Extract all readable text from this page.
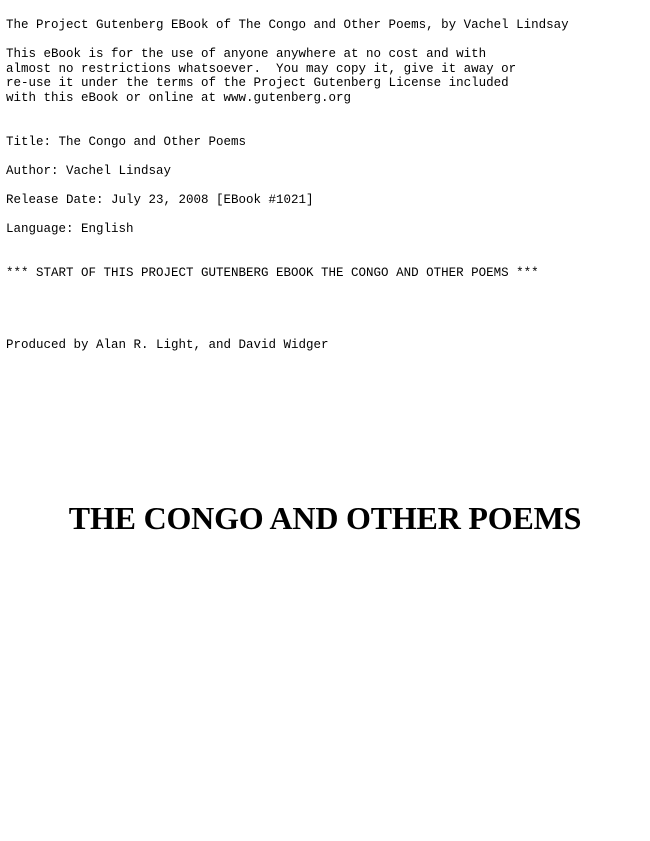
The Project Gutenberg EBook of The Congo and Other Poems, by Vachel Lindsay
This eBook is for the use of anyone anywhere at no cost and with
almost no restrictions whatsoever.  You may copy it, give it away or
re-use it under the terms of the Project Gutenberg License included
with this eBook or online at www.gutenberg.org
Title: The Congo and Other Poems
Author: Vachel Lindsay
Release Date: July 23, 2008 [EBook #1021]
Language: English
*** START OF THIS PROJECT GUTENBERG EBOOK THE CONGO AND OTHER POEMS ***
Produced by Alan R. Light, and David Widger
THE CONGO AND OTHER POEMS
